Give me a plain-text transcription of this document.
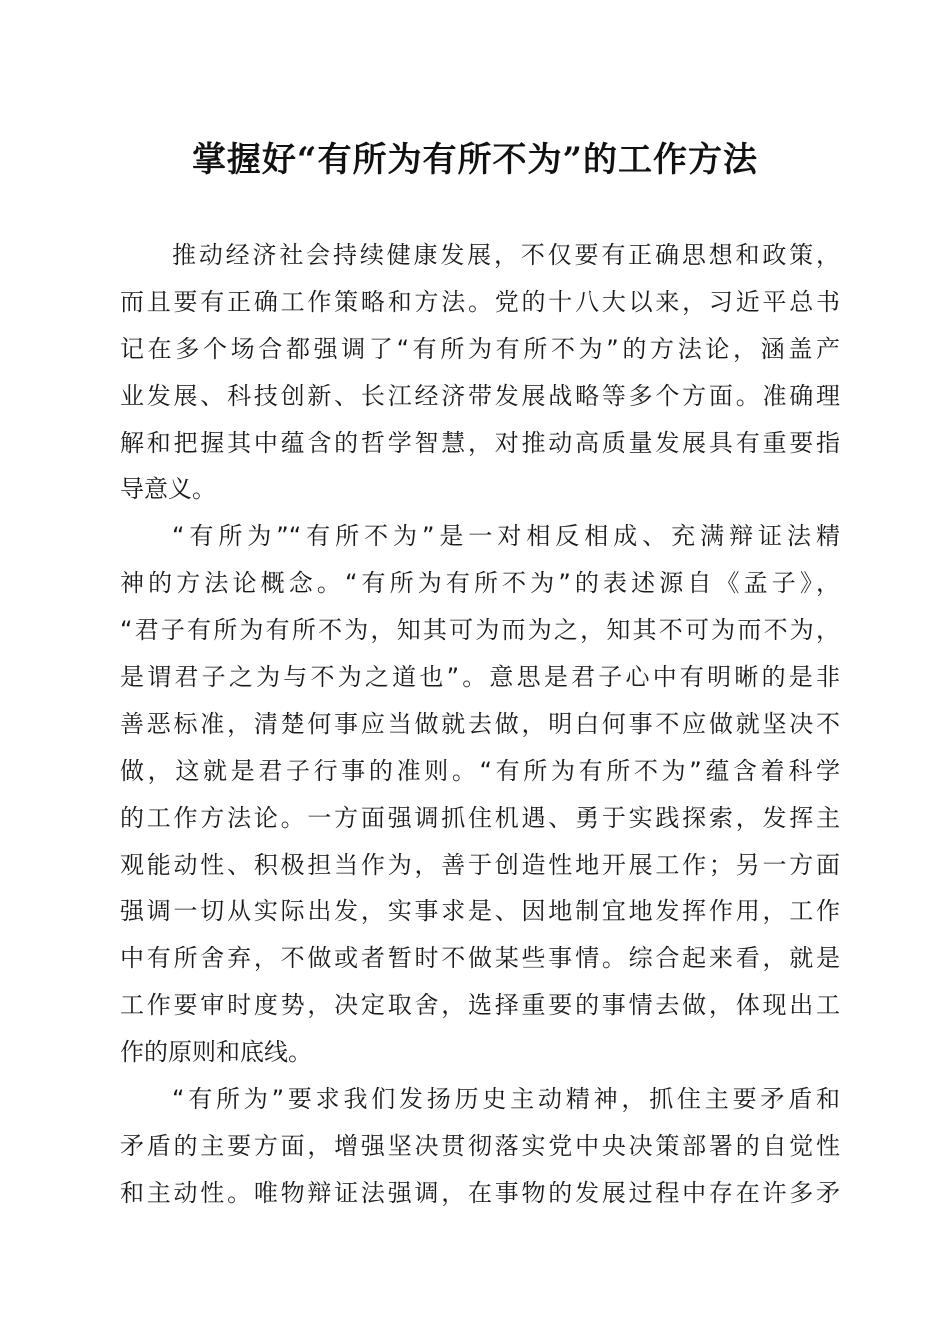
掌握好“有所为有所不为”的工作方法
推动经济社会持续健康发展，不仅要有正确思想和政策，
而且要有正确工作策略和方法。党的十八大以来，习近平总书
记在多个场合都强调了“有所为有所不为”的方法论，涵盖产
业发展、科技创新、长江经济带发展战略等多个方面。准确理
解和把握其中蕴含的哲学智慧，对推动高质量发展具有重要指
导意义。
“有所为”“有所不为”是一对相反相成、充满辩证法精
神的方法论概念。“有所为有所不为”的表述源自《孟子》，
“君子有所为有所不为，知其可为而为之，知其不可为而不为，
是谓君子之为与不为之道也”。意思是君子心中有明晰的是非
善恶标准，清楚何事应当做就去做，明白何事不应做就坚决不
做，这就是君子行事的准则。“有所为有所不为”蕴含着科学
的工作方法论。一方面强调抓住机遇、勇于实践探索，发挥主
观能动性、积极担当作为，善于创造性地开展工作；另一方面
强调一切从实际出发，实事求是、因地制宜地发挥作用，工作
中有所舍弃，不做或者暂时不做某些事情。综合起来看，就是
工作要审时度势，决定取舍，选择重要的事情去做，体现出工
作的原则和底线。
“有所为”要求我们发扬历史主动精神，抓住主要矛盾和
矛盾的主要方面，增强坚决贯彻落实党中央决策部署的自觉性
和主动性。唯物辩证法强调，在事物的发展过程中存在许多矛
